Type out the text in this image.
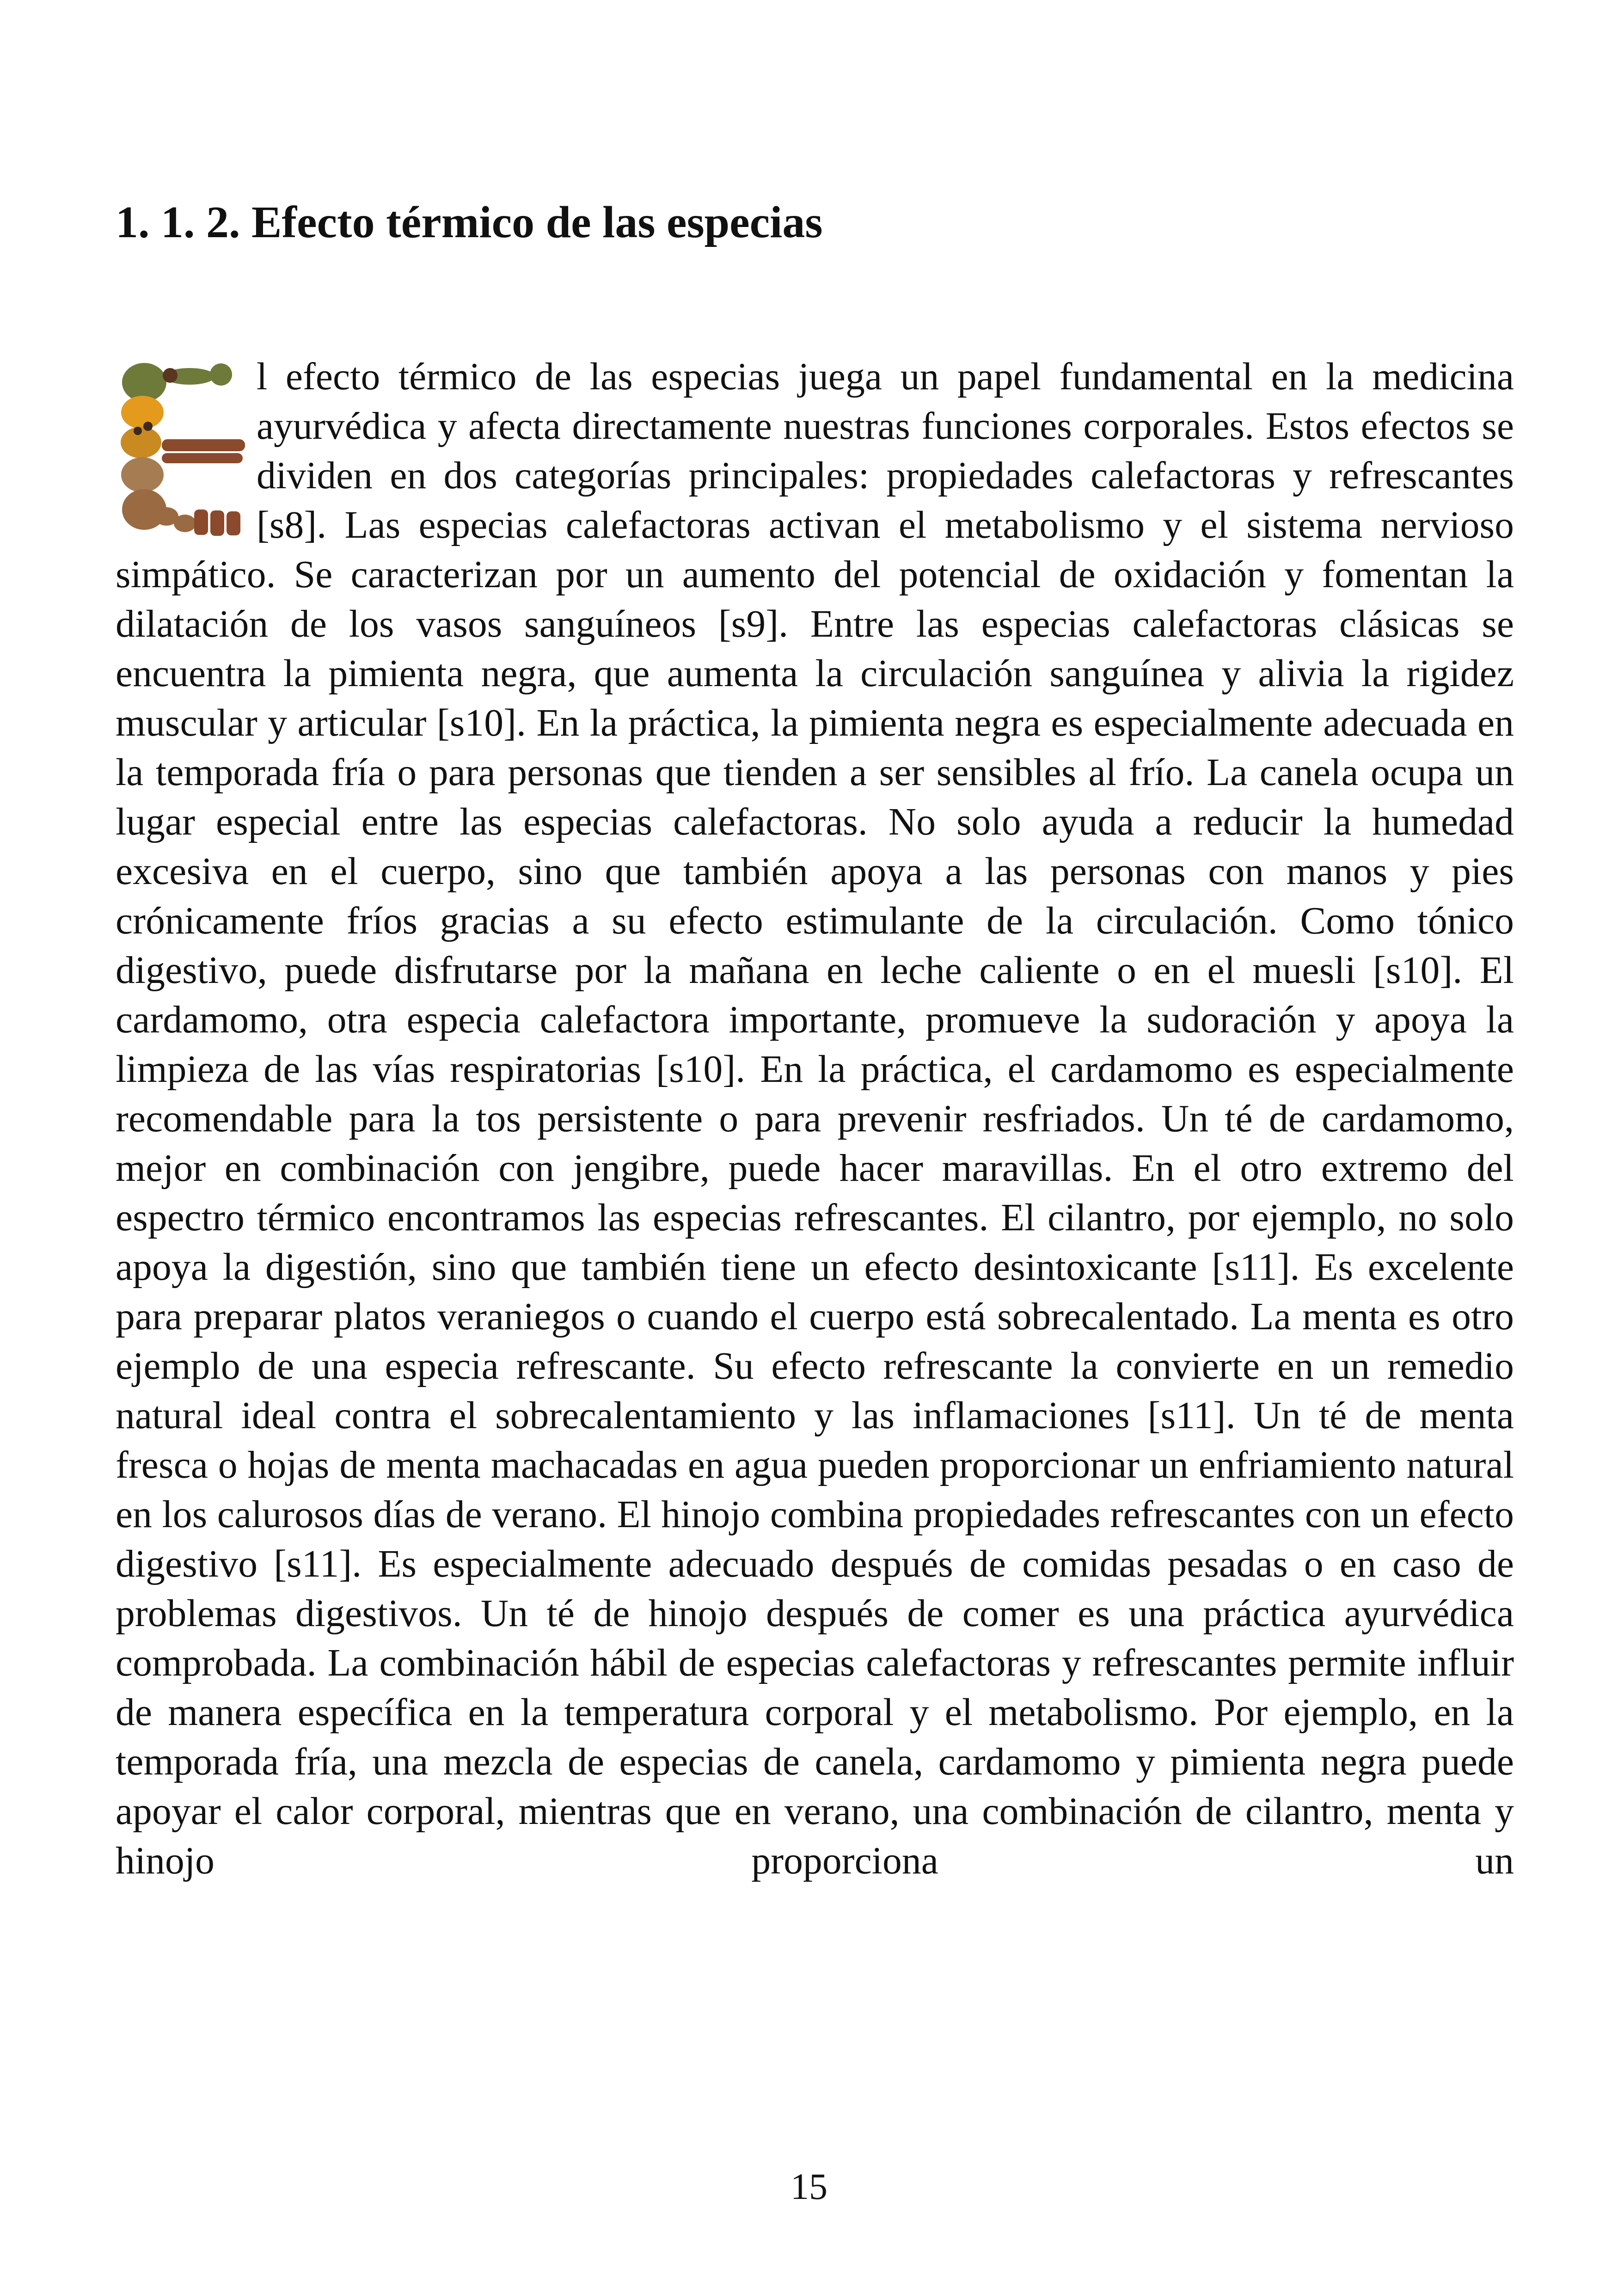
1. 1. 2. Efecto térmico de las especias
l efecto térmico de las especias juega un papel fundamental en la medicina ayurvédica y afecta directamente nuestras funciones corporales. Estos efectos se dividen en dos categorías principales: propiedades calefactoras y refrescantes [s8]. Las especias calefactoras activan el metabolismo y el sistema nervioso simpático. Se caracterizan por un aumento del potencial de oxidación y fomentan la dilatación de los vasos sanguíneos [s9]. Entre las especias calefactoras clásicas se encuentra la pimienta negra, que aumenta la circulación sanguínea y alivia la rigidez muscular y articular [s10]. En la práctica, la pimienta negra es especialmente adecuada en la temporada fría o para personas que tienden a ser sensibles al frío. La canela ocupa un lugar especial entre las especias calefactoras. No solo ayuda a reducir la humedad excesiva en el cuerpo, sino que también apoya a las personas con manos y pies crónicamente fríos gracias a su efecto estimulante de la circulación. Como tónico digestivo, puede disfrutarse por la mañana en leche caliente o en el muesli [s10]. El cardamomo, otra especia calefactora importante, promueve la sudoración y apoya la limpieza de las vías respiratorias [s10]. En la práctica, el cardamomo es especialmente recomendable para la tos persistente o para prevenir resfriados. Un té de cardamomo, mejor en combinación con jengibre, puede hacer maravillas. En el otro extremo del espectro térmico encontramos las especias refrescantes. El cilantro, por ejemplo, no solo apoya la digestión, sino que también tiene un efecto desintoxicante [s11]. Es excelente para preparar platos veraniegos o cuando el cuerpo está sobrecalentado. La menta es otro ejemplo de una especia refrescante. Su efecto refrescante la convierte en un remedio natural ideal contra el sobrecalentamiento y las inflamaciones [s11]. Un té de menta fresca o hojas de menta machacadas en agua pueden proporcionar un enfriamiento natural en los calurosos días de verano. El hinojo combina propiedades refrescantes con un efecto digestivo [s11]. Es especialmente adecuado después de comidas pesadas o en caso de problemas digestivos. Un té de hinojo después de comer es una práctica ayurvédica comprobada. La combinación hábil de especias calefactoras y refrescantes permite influir de manera específica en la temperatura corporal y el metabolismo. Por ejemplo, en la temporada fría, una mezcla de especias de canela, cardamomo y pimienta negra puede apoyar el calor corporal, mientras que en verano, una combinación de cilantro, menta y hinojo proporciona un
15
